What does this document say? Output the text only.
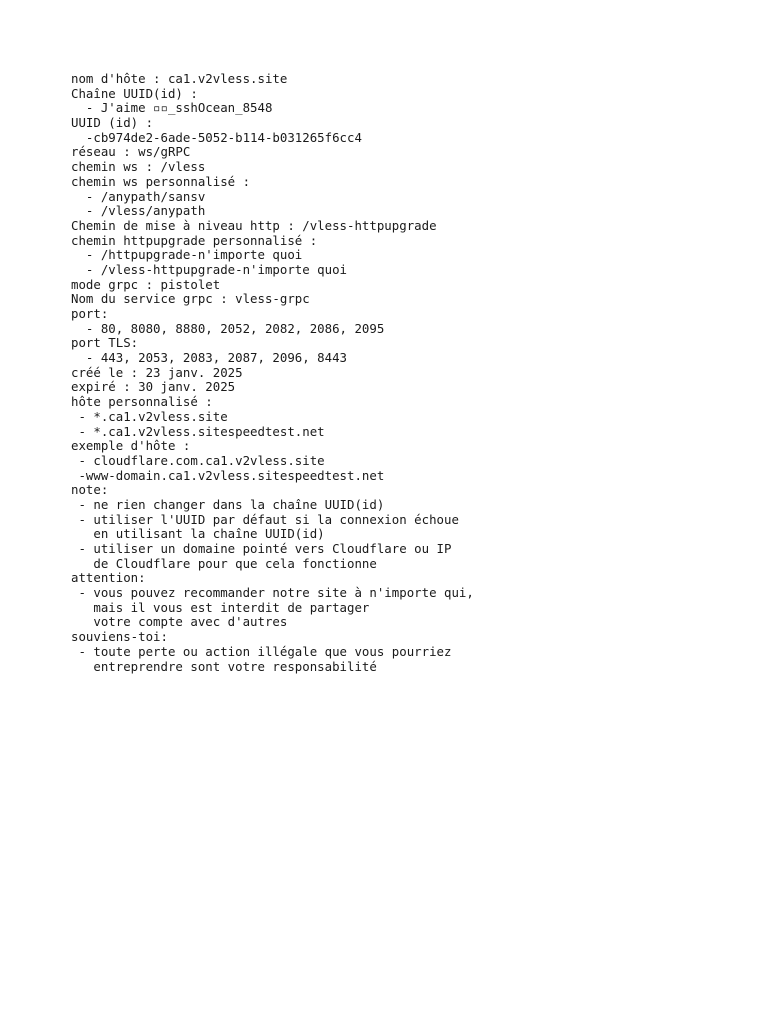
nom d'hôte : ca1.v2vless.site
Chaîne UUID(id) :
- J'aime ▫▫_sshOcean_8548
UUID (id) :
-cb974de2-6ade-5052-b114-b031265f6cc4
réseau : ws/gRPC
chemin ws : /vless
chemin ws personnalisé :
- /anypath/sansv
- /vless/anypath
Chemin de mise à niveau http : /vless-httpupgrade
chemin httpupgrade personnalisé :
- /httpupgrade-n'importe quoi
- /vless-httpupgrade-n'importe quoi
mode grpc : pistolet
Nom du service grpc : vless-grpc
port:
- 80, 8080, 8880, 2052, 2082, 2086, 2095
port TLS:
- 443, 2053, 2083, 2087, 2096, 8443
créé le : 23 janv. 2025
expiré : 30 janv. 2025
hôte personnalisé :
- *.ca1.v2vless.site
- *.ca1.v2vless.sitespeedtest.net
exemple d'hôte :
- cloudflare.com.ca1.v2vless.site
-www-domain.ca1.v2vless.sitespeedtest.net
note:
- ne rien changer dans la chaîne UUID(id)
- utiliser l'UUID par défaut si la connexion échoue
en utilisant la chaîne UUID(id)
- utiliser un domaine pointé vers Cloudflare ou IP
de Cloudflare pour que cela fonctionne
attention:
- vous pouvez recommander notre site à n'importe qui,
mais il vous est interdit de partager
votre compte avec d'autres
souviens-toi:
- toute perte ou action illégale que vous pourriez
entreprendre sont votre responsabilité
